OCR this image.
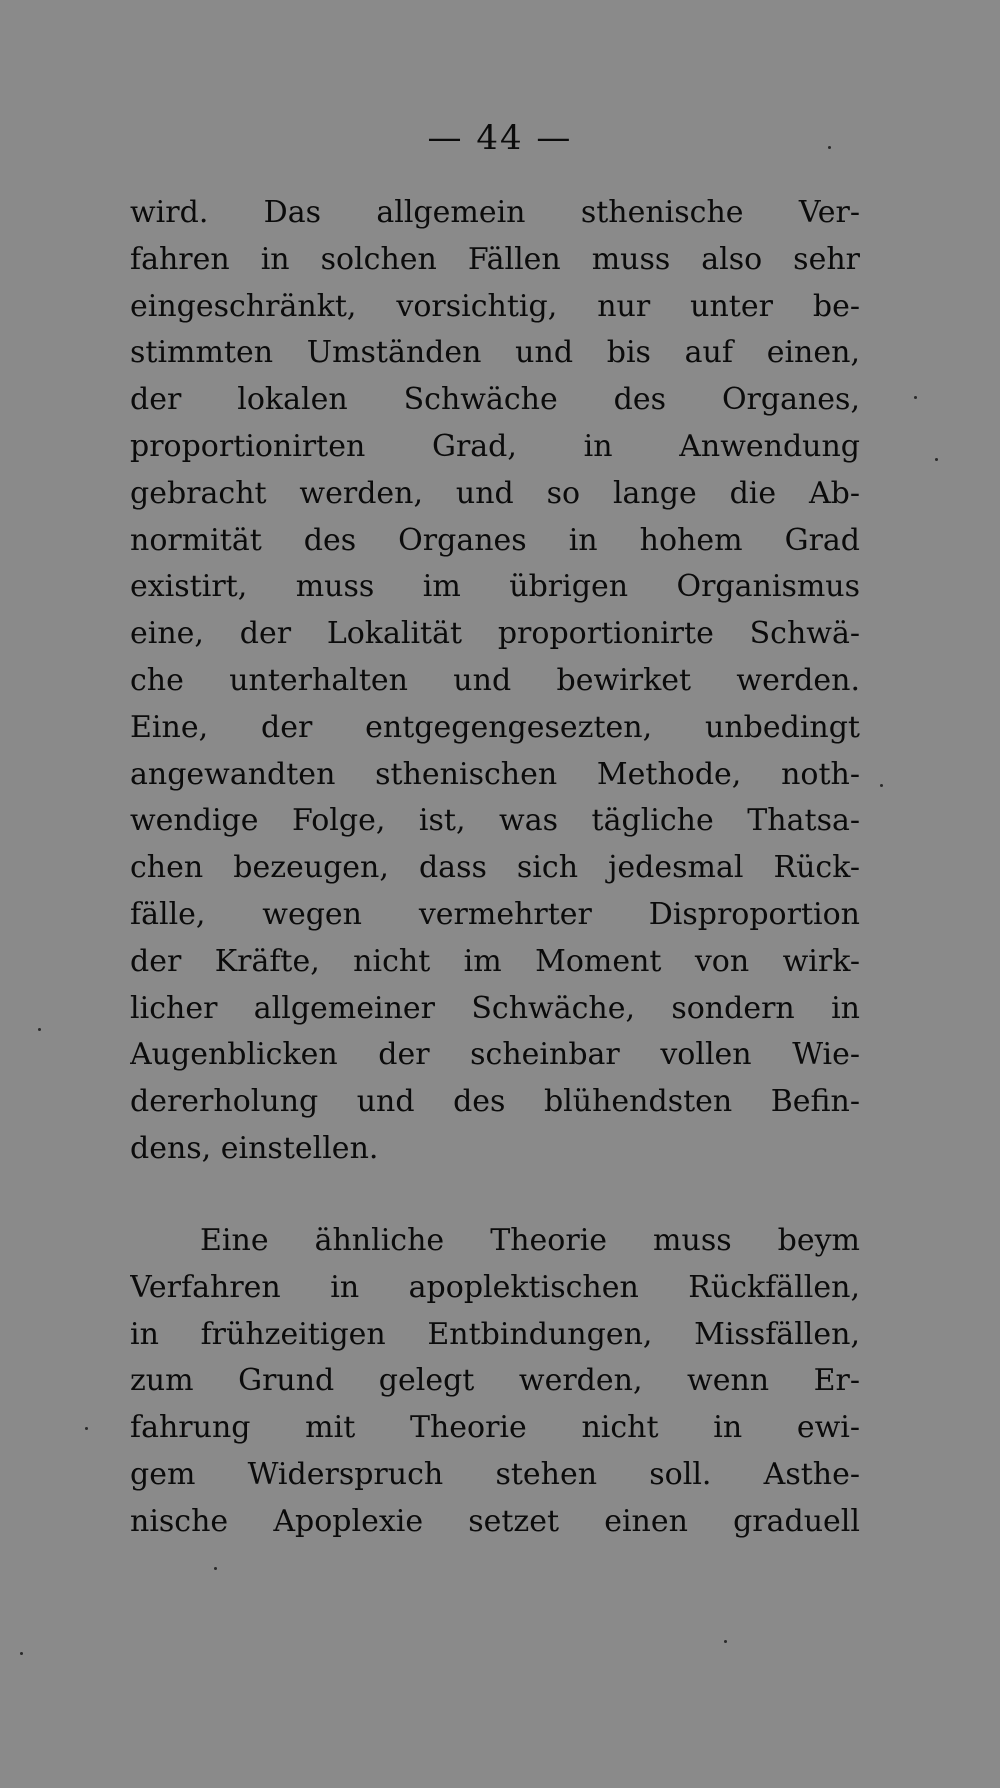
— 44 —
wird. Das allgemein sthenische Ver-
fahren in solchen Fällen muss also sehr
eingeschränkt, vorsichtig, nur unter be-
stimmten Umständen und bis auf einen,
der lokalen Schwäche des Organes,
proportionirten Grad, in Anwendung
gebracht werden, und so lange die Ab-
normität des Organes in hohem Grad
existirt, muss im übrigen Organismus
eine, der Lokalität proportionirte Schwä-
che unterhalten und bewirket werden.
Eine, der entgegengesezten, unbedingt
angewandten sthenischen Methode, noth-
wendige Folge, ist, was tägliche Thatsa-
chen bezeugen, dass sich jedesmal Rück-
fälle, wegen vermehrter Disproportion
der Kräfte, nicht im Moment von wirk-
licher allgemeiner Schwäche, sondern in
Augenblicken der scheinbar vollen Wie-
dererholung und des blühendsten Befin-
dens, einstellen.
Eine ähnliche Theorie muss beym
Verfahren in apoplektischen Rückfällen,
in frühzeitigen Entbindungen, Missfällen,
zum Grund gelegt werden, wenn Er-
fahrung mit Theorie nicht in ewi-
gem Widerspruch stehen soll. Asthe-
nische Apoplexie setzet einen graduell
